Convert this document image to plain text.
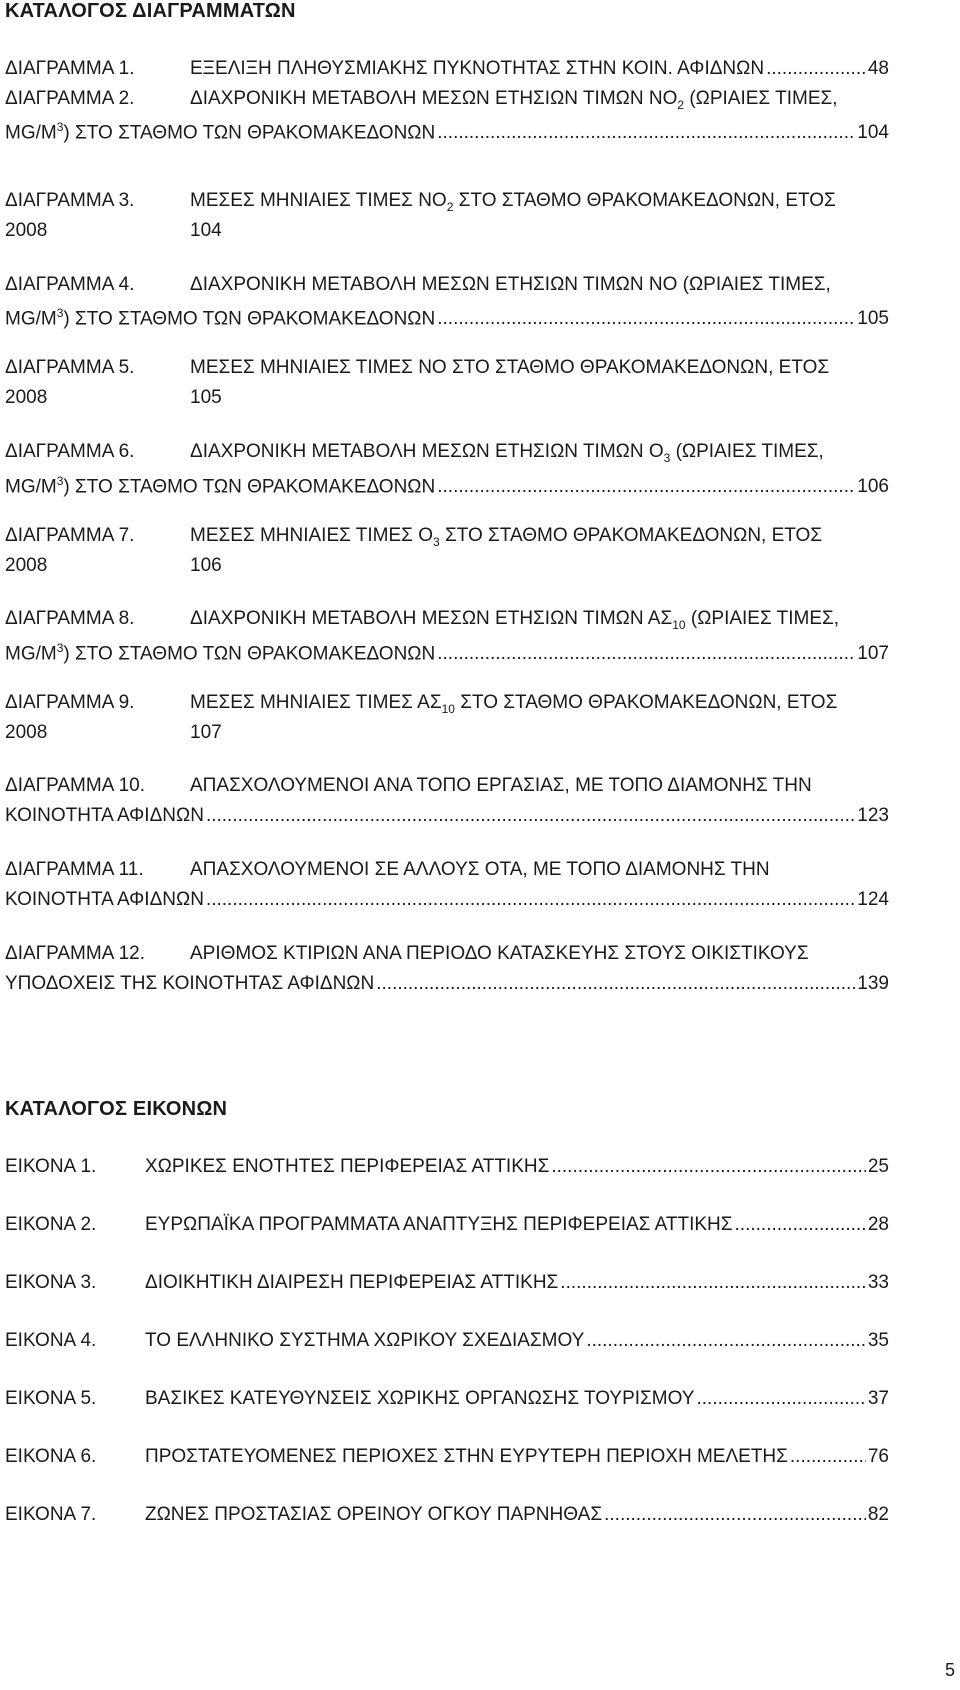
ΚΑΤΑΛΟΓΟΣ ΔΙΑΓΡΑΜΜΑΤΩΝ
ΔΙΑΓΡΑΜΜΑ 1.	ΕΞΕΛΙΞΗ ΠΛΗΘΥΣΜΙΑΚΗΣ ΠΥΚΝΟΤΗΤΑΣ ΣΤΗΝ ΚΟΙΝ. ΑΦΙΔΝΩΝ .....	48
ΔΙΑΓΡΑΜΜΑ 2.	ΔΙΑΧΡΟΝΙΚΗ ΜΕΤΑΒΟΛΗ ΜΕΣΩΝ ΕΤΗΣΙΩΝ ΤΙΜΩΝ $NO_2$ (ΩΡΙΑΙΕΣ ΤΙΜΕΣ,
$MG/M^3$) ΣΤΟ ΣΤΑΘΜΟ ΤΩΝ ΘΡΑΚΟΜΑΚΕΔΟΝΩΝ .....	104
ΔΙΑΓΡΑΜΜΑ 3.	ΜΕΣΕΣ ΜΗΝΙΑΙΕΣ ΤΙΜΕΣ $NO_2$ ΣΤΟ ΣΤΑΘΜΟ ΘΡΑΚΟΜΑΚΕΔΟΝΩΝ, ΕΤΟΣ
2008	104
ΔΙΑΓΡΑΜΜΑ 4.	ΔΙΑΧΡΟΝΙΚΗ ΜΕΤΑΒΟΛΗ ΜΕΣΩΝ ΕΤΗΣΙΩΝ ΤΙΜΩΝ ΝΟ (ΩΡΙΑΙΕΣ ΤΙΜΕΣ,
$MG/M^3$) ΣΤΟ ΣΤΑΘΜΟ ΤΩΝ ΘΡΑΚΟΜΑΚΕΔΟΝΩΝ .....	105
ΔΙΑΓΡΑΜΜΑ 5.	ΜΕΣΕΣ ΜΗΝΙΑΙΕΣ ΤΙΜΕΣ ΝΟ ΣΤΟ ΣΤΑΘΜΟ ΘΡΑΚΟΜΑΚΕΔΟΝΩΝ, ΕΤΟΣ
2008	105
ΔΙΑΓΡΑΜΜΑ 6.	ΔΙΑΧΡΟΝΙΚΗ ΜΕΤΑΒΟΛΗ ΜΕΣΩΝ ΕΤΗΣΙΩΝ ΤΙΜΩΝ $O_3$ (ΩΡΙΑΙΕΣ ΤΙΜΕΣ,
$MG/M^3$) ΣΤΟ ΣΤΑΘΜΟ ΤΩΝ ΘΡΑΚΟΜΑΚΕΔΟΝΩΝ .....	106
ΔΙΑΓΡΑΜΜΑ 7.	ΜΕΣΕΣ ΜΗΝΙΑΙΕΣ ΤΙΜΕΣ $O_3$ ΣΤΟ ΣΤΑΘΜΟ ΘΡΑΚΟΜΑΚΕΔΟΝΩΝ, ΕΤΟΣ
2008	106
ΔΙΑΓΡΑΜΜΑ 8.	ΔΙΑΧΡΟΝΙΚΗ ΜΕΤΑΒΟΛΗ ΜΕΣΩΝ ΕΤΗΣΙΩΝ ΤΙΜΩΝ $A\Sigma_{10}$ (ΩΡΙΑΙΕΣ ΤΙΜΕΣ,
$MG/M^3$) ΣΤΟ ΣΤΑΘΜΟ ΤΩΝ ΘΡΑΚΟΜΑΚΕΔΟΝΩΝ .....	107
ΔΙΑΓΡΑΜΜΑ 9.	ΜΕΣΕΣ ΜΗΝΙΑΙΕΣ ΤΙΜΕΣ $A\Sigma_{10}$ ΣΤΟ ΣΤΑΘΜΟ ΘΡΑΚΟΜΑΚΕΔΟΝΩΝ, ΕΤΟΣ
2008	107
ΔΙΑΓΡΑΜΜΑ 10. ΑΠΑΣΧΟΛΟΥΜΕΝΟΙ ΑΝΑ ΤΟΠΟ ΕΡΓΑΣΙΑΣ, ΜΕ ΤΟΠΟ ΔΙΑΜΟΝΗΣ ΤΗΝ
ΚΟΙΝΟΤΗΤΑ ΑΦΙΔΝΩΝ .....	123
ΔΙΑΓΡΑΜΜΑ 11. ΑΠΑΣΧΟΛΟΥΜΕΝΟΙ ΣΕ ΑΛΛΟΥΣ ΟΤΑ, ΜΕ ΤΟΠΟ ΔΙΑΜΟΝΗΣ ΤΗΝ
ΚΟΙΝΟΤΗΤΑ ΑΦΙΔΝΩΝ .....	124
ΔΙΑΓΡΑΜΜΑ 12. ΑΡΙΘΜΟΣ ΚΤΙΡΙΩΝ ΑΝΑ ΠΕΡΙΟΔΟ ΚΑΤΑΣΚΕΥΗΣ ΣΤΟΥΣ ΟΙΚΙΣΤΙΚΟΥΣ
ΥΠΟΔΟΧΕΙΣ ΤΗΣ ΚΟΙΝΟΤΗΤΑΣ ΑΦΙΔΝΩΝ .....	139
ΚΑΤΑΛΟΓΟΣ ΕΙΚΟΝΩΝ
ΕΙΚΟΝΑ 1.	ΧΩΡΙΚΕΣ ΕΝΟΤΗΤΕΣ ΠΕΡΙΦΕΡΕΙΑΣ ΑΤΤΙΚΗΣ .....	25
ΕΙΚΟΝΑ 2.	ΕΥΡΩΠΑΪΚΑ ΠΡΟΓΡΑΜΜΑΤΑ ΑΝΑΠΤΥΞΗΣ ΠΕΡΙΦΕΡΕΙΑΣ ΑΤΤΙΚΗΣ .....	28
ΕΙΚΟΝΑ 3.	ΔΙΟΙΚΗΤΙΚΗ ΔΙΑΙΡΕΣΗ ΠΕΡΙΦΕΡΕΙΑΣ ΑΤΤΙΚΗΣ .....	33
ΕΙΚΟΝΑ 4.	ΤΟ ΕΛΛΗΝΙΚΟ ΣΥΣΤΗΜΑ ΧΩΡΙΚΟΥ ΣΧΕΔΙΑΣΜΟΥ .....	35
ΕΙΚΟΝΑ 5.	ΒΑΣΙΚΕΣ ΚΑΤΕΥΘΥΝΣΕΙΣ ΧΩΡΙΚΗΣ ΟΡΓΑΝΩΣΗΣ ΤΟΥΡΙΣΜΟΥ .....	37
ΕΙΚΟΝΑ 6.	ΠΡΟΣΤΑΤΕΥΟΜΕΝΕΣ ΠΕΡΙΟΧΕΣ ΣΤΗΝ ΕΥΡΥΤΕΡΗ ΠΕΡΙΟΧΗ ΜΕΛΕΤΗΣ .....	76
ΕΙΚΟΝΑ 7.	ΖΩΝΕΣ ΠΡΟΣΤΑΣΙΑΣ ΟΡΕΙΝΟΥ ΟΓΚΟΥ ΠΑΡΝΗΘΑΣ .....	82
5
